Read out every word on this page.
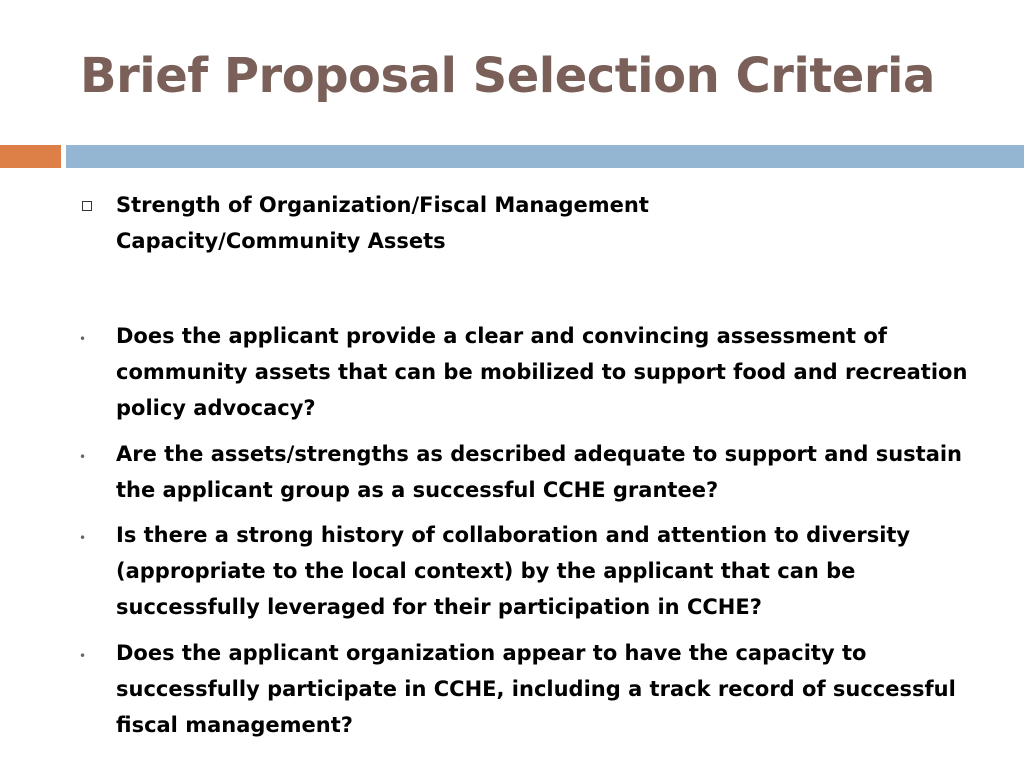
Brief Proposal Selection Criteria

Strength of Organization/Fiscal Management Capacity/Community Assets

• Does the applicant provide a clear and convincing assessment of community assets that can be mobilized to support food and recreation policy advocacy?

• Are the assets/strengths as described adequate to support and sustain the applicant group as a successful CCHE grantee?

• Is there a strong history of collaboration and attention to diversity (appropriate to the local context) by the applicant that can be successfully leveraged for their participation in CCHE?

• Does the applicant organization appear to have the capacity to successfully participate in CCHE, including a track record of successful fiscal management?
